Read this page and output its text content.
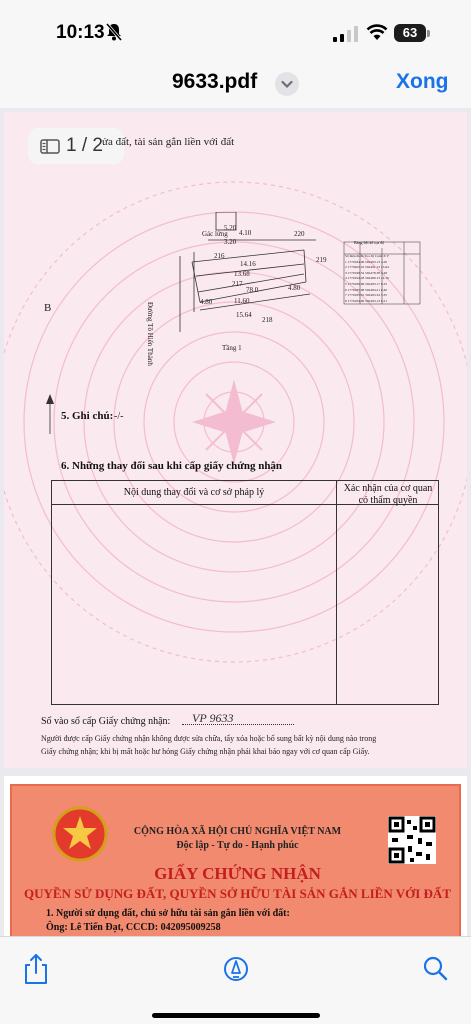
10:13	63
9633.pdf	Xong
1 / 2 ửa đất, tài sản gắn liền với đất
Gác lửng
Tầng 1
Đường Tô Hiến Thành
B
5.20
4.10
3.20
14.16
13.68
11.60
15.64
4.80
4.80
216
217
218
220
219
78.0
Bảng liệt kê tọa độ
5. Ghi chú: -/-
6. Những thay đổi sau khi cấp giấy chứng nhận
Nội dung thay đổi và cơ sở pháp lý	Xác nhận của cơ quan
có thẩm quyền
Số vào sổ cấp Giấy chứng nhận: VP 9633
Người được cấp Giấy chứng nhận không được sửa chữa, tẩy xóa hoặc bổ sung bất kỳ nội dung nào trong
Giấy chứng nhận; khi bị mất hoặc hư hỏng Giấy chứng nhận phải khai báo ngay với cơ quan cấp Giấy.
Số hiệu điểm Tọa độ Cạnh X Y
1 1779184.06 592493.13 4.20
2 1779202.16 592491.13 15.64
3 1779198.52 592478.38 4.48
4 1779194.28 592480.13 14.16
5 1779189.69 592483.17 0.25
6 1779185.98 592484.21 0.40
7 1779185.01 592493.34 3.35
8 1779184.06 592493.13 0.21
CỘNG HÒA XÃ HỘI CHỦ NGHĨA VIỆT NAM
Độc lập - Tự do - Hạnh phúc
GIẤY CHỨNG NHẬN
QUYỀN SỬ DỤNG ĐẤT, QUYỀN SỞ HỮU TÀI SẢN GẮN LIỀN VỚI ĐẤT
1. Người sử dụng đất, chủ sở hữu tài sản gắn liền với đất:
Ông: Lê Tiến Đạt, CCCD: 042095009258
